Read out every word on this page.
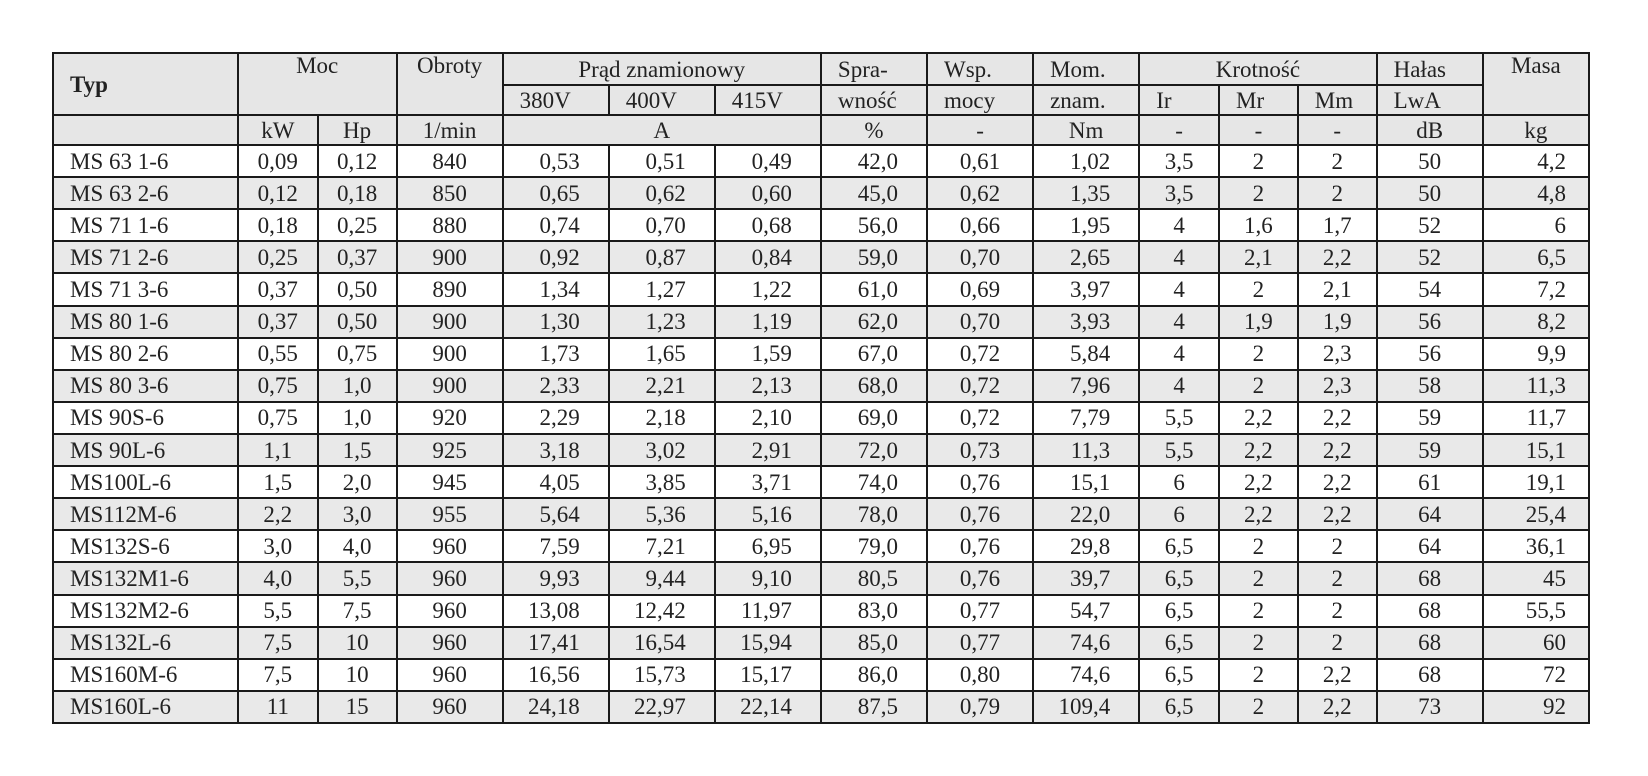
Typ	Moc		Obroty	Prąd znamionowy			Spra-	Wsp.	Mom.	Krotność			Hałas	Masa
				380V	400V	415V	wność	mocy	znam.	Ir	Mr	Mm	LwA	
	kW	Hp	1/min	A			%	-	Nm	-	-	-	dB	kg
MS 63 1-6	0,09	0,12	840	0,53	0,51	0,49	42,0	0,61	1,02	3,5	2	2	50	4,2
MS 63 2-6	0,12	0,18	850	0,65	0,62	0,60	45,0	0,62	1,35	3,5	2	2	50	4,8
MS 71 1-6	0,18	0,25	880	0,74	0,70	0,68	56,0	0,66	1,95	4	1,6	1,7	52	6
MS 71 2-6	0,25	0,37	900	0,92	0,87	0,84	59,0	0,70	2,65	4	2,1	2,2	52	6,5
MS 71 3-6	0,37	0,50	890	1,34	1,27	1,22	61,0	0,69	3,97	4	2	2,1	54	7,2
MS 80 1-6	0,37	0,50	900	1,30	1,23	1,19	62,0	0,70	3,93	4	1,9	1,9	56	8,2
MS 80 2-6	0,55	0,75	900	1,73	1,65	1,59	67,0	0,72	5,84	4	2	2,3	56	9,9
MS 80 3-6	0,75	1,0	900	2,33	2,21	2,13	68,0	0,72	7,96	4	2	2,3	58	11,3
MS 90S-6	0,75	1,0	920	2,29	2,18	2,10	69,0	0,72	7,79	5,5	2,2	2,2	59	11,7
MS 90L-6	1,1	1,5	925	3,18	3,02	2,91	72,0	0,73	11,3	5,5	2,2	2,2	59	15,1
MS100L-6	1,5	2,0	945	4,05	3,85	3,71	74,0	0,76	15,1	6	2,2	2,2	61	19,1
MS112M-6	2,2	3,0	955	5,64	5,36	5,16	78,0	0,76	22,0	6	2,2	2,2	64	25,4
MS132S-6	3,0	4,0	960	7,59	7,21	6,95	79,0	0,76	29,8	6,5	2	2	64	36,1
MS132M1-6	4,0	5,5	960	9,93	9,44	9,10	80,5	0,76	39,7	6,5	2	2	68	45
MS132M2-6	5,5	7,5	960	13,08	12,42	11,97	83,0	0,77	54,7	6,5	2	2	68	55,5
MS132L-6	7,5	10	960	17,41	16,54	15,94	85,0	0,77	74,6	6,5	2	2	68	60
MS160M-6	7,5	10	960	16,56	15,73	15,17	86,0	0,80	74,6	6,5	2	2,2	68	72
MS160L-6	11	15	960	24,18	22,97	22,14	87,5	0,79	109,4	6,5	2	2,2	73	92
